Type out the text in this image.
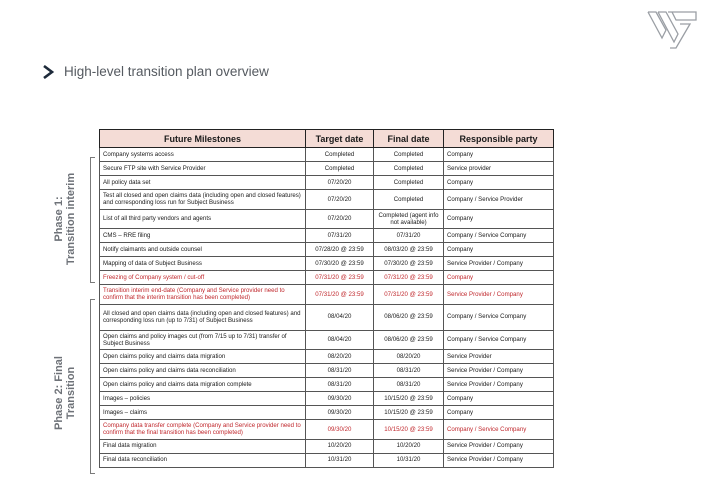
High-level transition plan overview
Phase 1: Transition interim
Phase 2: Final Transition
Future Milestones	Target date	Final date	Responsible party
Company systems access	Completed	Completed	Company
Secure FTP site with Service Provider	Completed	Completed	Service provider
All policy data set	07/20/20	Completed	Company
Test all closed and open claims data (including open and closed features) and corresponding loss run for Subject Business	07/20/20	Completed	Company / Service Provider
List of all third party vendors and agents	07/20/20	Completed (agent info not available)	Company
CMS – RRE filing	07/31/20	07/31/20	Company / Service Company
Notify claimants and outside counsel	07/28/20 @ 23:59	08/03/20 @ 23:59	Company
Mapping of data of Subject Business	07/30/20 @ 23:59	07/30/20 @ 23:59	Service Provider / Company
Freezing of Company system / cut-off	07/31/20 @ 23:59	07/31/20 @ 23:59	Company
Transition interim end-date (Company and Service provider need to confirm that the interim transition has been completed)	07/31/20 @ 23:59	07/31/20 @ 23:59	Service Provider / Company
All closed and open claims data (including open and closed features) and corresponding loss run (up to 7/31) of Subject Business	08/04/20	08/06/20 @ 23:59	Company / Service Company
Open claims and policy images cut (from 7/15 up to 7/31) transfer of Subject Business	08/04/20	08/06/20 @ 23:59	Company / Service Company
Open claims policy and claims data migration	08/20/20	08/20/20	Service Provider
Open claims policy and claims data reconciliation	08/31/20	08/31/20	Service Provider / Company
Open claims policy and claims data migration complete	08/31/20	08/31/20	Service Provider / Company
Images – policies	09/30/20	10/15/20 @ 23:59	Company
Images – claims	09/30/20	10/15/20 @ 23:59	Company
Company data transfer complete (Company and Service provider need to confirm that the final transition has been completed)	09/30/20	10/15/20 @ 23:59	Company / Service Company
Final data migration	10/20/20	10/20/20	Service Provider / Company
Final data reconciliation	10/31/20	10/31/20	Service Provider / Company
